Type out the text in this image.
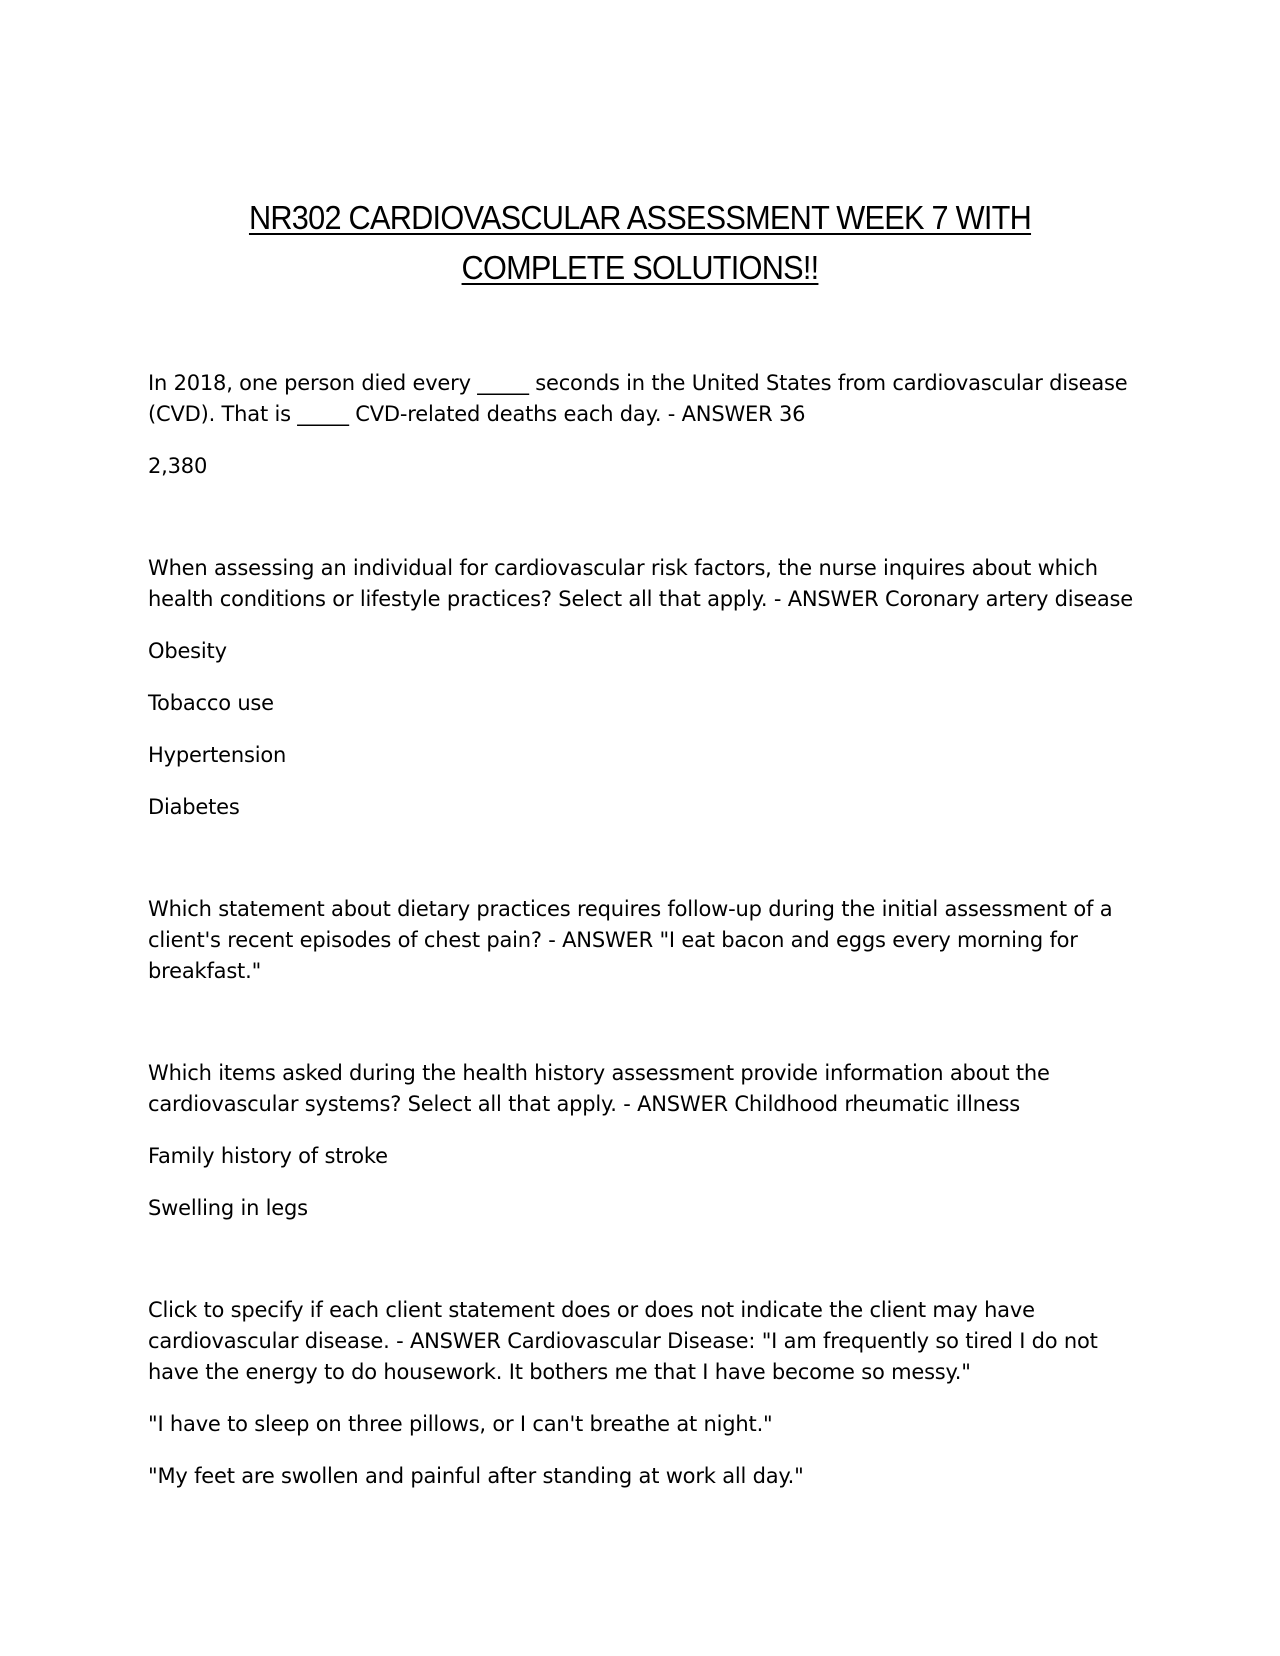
NR302 CARDIOVASCULAR ASSESSMENT WEEK 7 WITH
COMPLETE SOLUTIONS!!

In 2018, one person died every _____ seconds in the United States from cardiovascular disease (CVD). That is _____ CVD-related deaths each day. - ANSWER 36

2,380

When assessing an individual for cardiovascular risk factors, the nurse inquires about which health conditions or lifestyle practices? Select all that apply. - ANSWER Coronary artery disease

Obesity

Tobacco use

Hypertension

Diabetes

Which statement about dietary practices requires follow-up during the initial assessment of a client's recent episodes of chest pain? - ANSWER "I eat bacon and eggs every morning for breakfast."

Which items asked during the health history assessment provide information about the cardiovascular systems? Select all that apply. - ANSWER Childhood rheumatic illness

Family history of stroke

Swelling in legs

Click to specify if each client statement does or does not indicate the client may have cardiovascular disease. - ANSWER Cardiovascular Disease: "I am frequently so tired I do not have the energy to do housework. It bothers me that I have become so messy."

"I have to sleep on three pillows, or I can't breathe at night."

"My feet are swollen and painful after standing at work all day."
